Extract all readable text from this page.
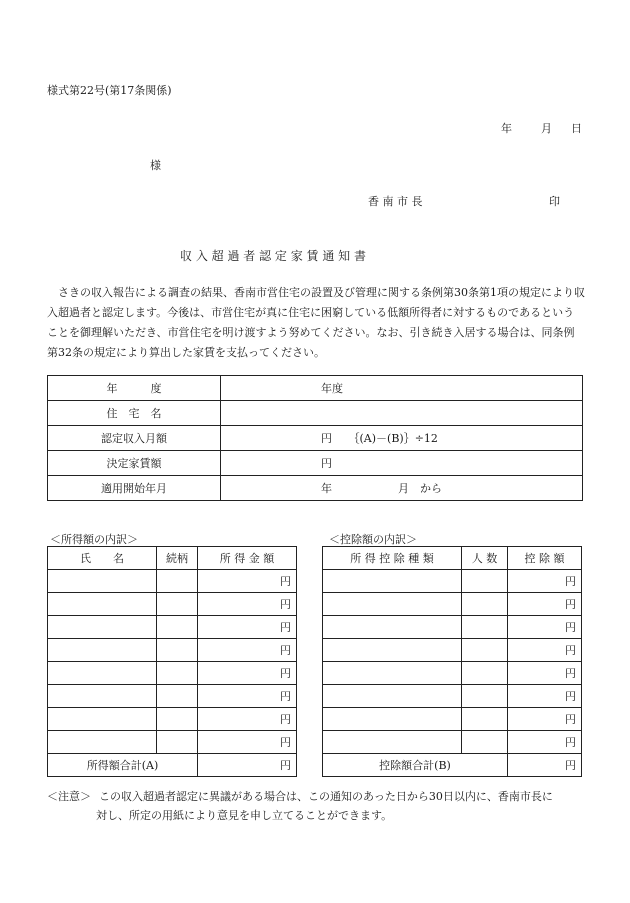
様式第22号(第17条関係)
年	月 日
様
香 南 市 長	印
収 入 超 過 者 認 定 家 賃 通 知 書
さきの収入報告による調査の結果、香南市営住宅の設置及び管理に関する条例第30条第1項の規定により収入超過者と認定します。今後は、市営住宅が真に住宅に困窮している低額所得者に対するものであるということを御理解いただき、市営住宅を明け渡すよう努めてください。なお、引き続き入居する場合は、同条例第32条の規定により算出した家賃を支払ってください。
年　　　度	年度
住　宅　名	
認定収入月額	円　　｛(A)－(B)｝÷12
決定家賃額	円
適用開始年月	年　　　　　　月　から
＜所得額の内訳＞	＜控除額の内訳＞
氏　　名	続柄	所 得 金 額
		円
		円
		円
		円
		円
		円
		円
		円
所得額合計(A)		円
所 得 控 除 種 類	人 数	控 除 額
		円
		円
		円
		円
		円
		円
		円
		円
控除額合計(B)		円
＜注意＞ この収入超過者認定に異議がある場合は、この通知のあった日から30日以内に、香南市長に
対し、所定の用紙により意見を申し立てることができます。
